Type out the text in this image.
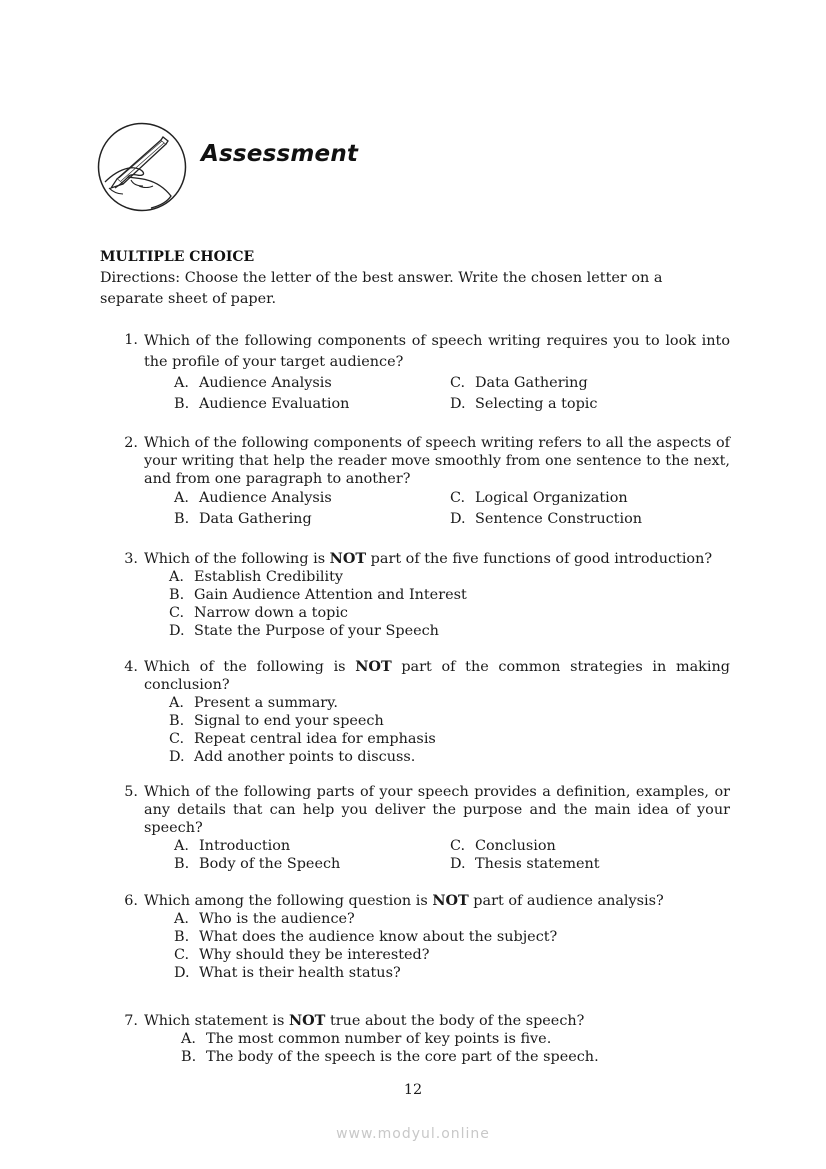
Assessment
MULTIPLE CHOICE
Directions: Choose the letter of the best answer. Write the chosen letter on a separate sheet of paper.
1. Which of the following components of speech writing requires you to look into the profile of your target audience?
A. Audience Analysis	C. Data Gathering
B. Audience Evaluation	D. Selecting a topic
2. Which of the following components of speech writing refers to all the aspects of your writing that help the reader move smoothly from one sentence to the next, and from one paragraph to another?
A. Audience Analysis	C. Logical Organization
B. Data Gathering	D. Sentence Construction
3. Which of the following is NOT part of the five functions of good introduction?
A. Establish Credibility
B. Gain Audience Attention and Interest
C. Narrow down a topic
D. State the Purpose of your Speech
4. Which of the following is NOT part of the common strategies in making conclusion?
A. Present a summary.
B. Signal to end your speech
C. Repeat central idea for emphasis
D. Add another points to discuss.
5. Which of the following parts of your speech provides a definition, examples, or any details that can help you deliver the purpose and the main idea of your speech?
A. Introduction	C. Conclusion
B. Body of the Speech	D. Thesis statement
6. Which among the following question is NOT part of audience analysis?
A. Who is the audience?
B. What does the audience know about the subject?
C. Why should they be interested?
D. What is their health status?
7. Which statement is NOT true about the body of the speech?
A. The most common number of key points is five.
B. The body of the speech is the core part of the speech.
12
www.modyul.online
